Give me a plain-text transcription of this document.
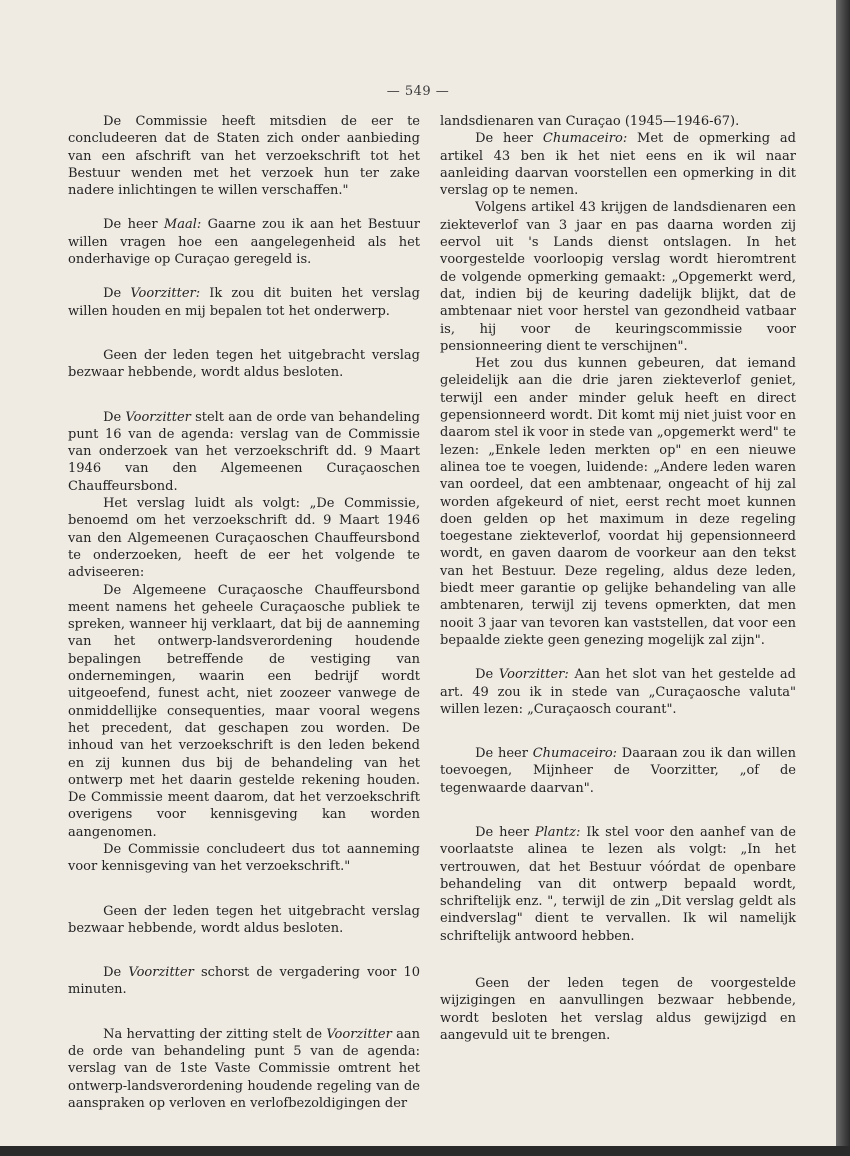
— 549 —

De Commissie heeft mitsdien de eer te concludeeren dat de Staten zich onder aanbieding van een afschrift van het verzoekschrift tot het Bestuur wenden met het verzoek hun ter zake nadere inlichtingen te willen verschaffen."

De heer Maal: Gaarne zou ik aan het Bestuur willen vragen hoe een aangelegenheid als het onderhavige op Curaçao geregeld is.

De Voorzitter: Ik zou dit buiten het verslag willen houden en mij bepalen tot het onderwerp.

Geen der leden tegen het uitgebracht verslag bezwaar hebbende, wordt aldus besloten.

De Voorzitter stelt aan de orde van behandeling punt 16 van de agenda: verslag van de Commissie van onderzoek van het verzoekschrift dd. 9 Maart 1946 van den Algemeenen Curaçaoschen Chauffeursbond.

Het verslag luidt als volgt: „De Commissie, benoemd om het verzoekschrift dd. 9 Maart 1946 van den Algemeenen Curaçaoschen Chauffeursbond te onderzoeken, heeft de eer het volgende te adviseeren:

De Algemeene Curaçaosche Chauffeursbond meent namens het geheele Curaçaosche publiek te spreken, wanneer hij verklaart, dat bij de aanneming van het ontwerp-landsverordening houdende bepalingen betreffende de vestiging van ondernemingen, waarin een bedrijf wordt uitgeoefend, funest acht, niet zoozeer vanwege de onmiddellijke consequenties, maar vooral wegens het precedent, dat geschapen zou worden. De inhoud van het verzoekschrift is den leden bekend en zij kunnen dus bij de behandeling van het ontwerp met het daarin gestelde rekening houden. De Commissie meent daarom, dat het verzoekschrift overigens voor kennisgeving kan worden aangenomen.

De Commissie concludeert dus tot aanneming voor kennisgeving van het verzoekschrift."

Geen der leden tegen het uitgebracht verslag bezwaar hebbende, wordt aldus besloten.

De Voorzitter schorst de vergadering voor 10 minuten.

Na hervatting der zitting stelt de Voorzitter aan de orde van behandeling punt 5 van de agenda: verslag van de 1ste Vaste Commissie omtrent het ontwerp-landsverordening houdende regeling van de aanspraken op verloven en verlofbezoldigingen der

landsdienaren van Curaçao (1945—1946-67).

De heer Chumaceiro: Met de opmerking ad artikel 43 ben ik het niet eens en ik wil naar aanleiding daarvan voorstellen een opmerking in dit verslag op te nemen.

Volgens artikel 43 krijgen de landsdienaren een ziekteverlof van 3 jaar en pas daarna worden zij eervol uit 's Lands dienst ontslagen. In het voorgestelde voorloopig verslag wordt hieromtrent de volgende opmerking gemaakt: „Opgemerkt werd, dat, indien bij de keuring dadelijk blijkt, dat de ambtenaar niet voor herstel van gezondheid vatbaar is, hij voor de keuringscommissie voor pensionneering dient te verschijnen".

Het zou dus kunnen gebeuren, dat iemand geleidelijk aan die drie jaren ziekteverlof geniet, terwijl een ander minder geluk heeft en direct gepensionneerd wordt. Dit komt mij niet juist voor en daarom stel ik voor in stede van „opgemerkt werd" te lezen: „Enkele leden merkten op" en een nieuwe alinea toe te voegen, luidende: „Andere leden waren van oordeel, dat een ambtenaar, ongeacht of hij zal worden afgekeurd of niet, eerst recht moet kunnen doen gelden op het maximum in deze regeling toegestane ziekteverlof, voordat hij gepensionneerd wordt, en gaven daarom de voorkeur aan den tekst van het Bestuur. Deze regeling, aldus deze leden, biedt meer garantie op gelijke behandeling van alle ambtenaren, terwijl zij tevens opmerkten, dat men nooit 3 jaar van tevoren kan vaststellen, dat voor een bepaalde ziekte geen genezing mogelijk zal zijn".

De Voorzitter: Aan het slot van het gestelde ad art. 49 zou ik in stede van „Curaçaosche valuta" willen lezen: „Curaçaosch courant".

De heer Chumaceiro: Daaraan zou ik dan willen toevoegen, Mijnheer de Voorzitter, „of de tegenwaarde daarvan".

De heer Plantz: Ik stel voor den aanhef van de voorlaatste alinea te lezen als volgt: „In het vertrouwen, dat het Bestuur vóórdat de openbare behandeling van dit ontwerp bepaald wordt, schriftelijk enz. ", terwijl de zin „Dit verslag geldt als eindverslag" dient te vervallen. Ik wil namelijk schriftelijk antwoord hebben.

Geen der leden tegen de voorgestelde wijzigingen en aanvullingen bezwaar hebbende, wordt besloten het verslag aldus gewijzigd en aangevuld uit te brengen.
